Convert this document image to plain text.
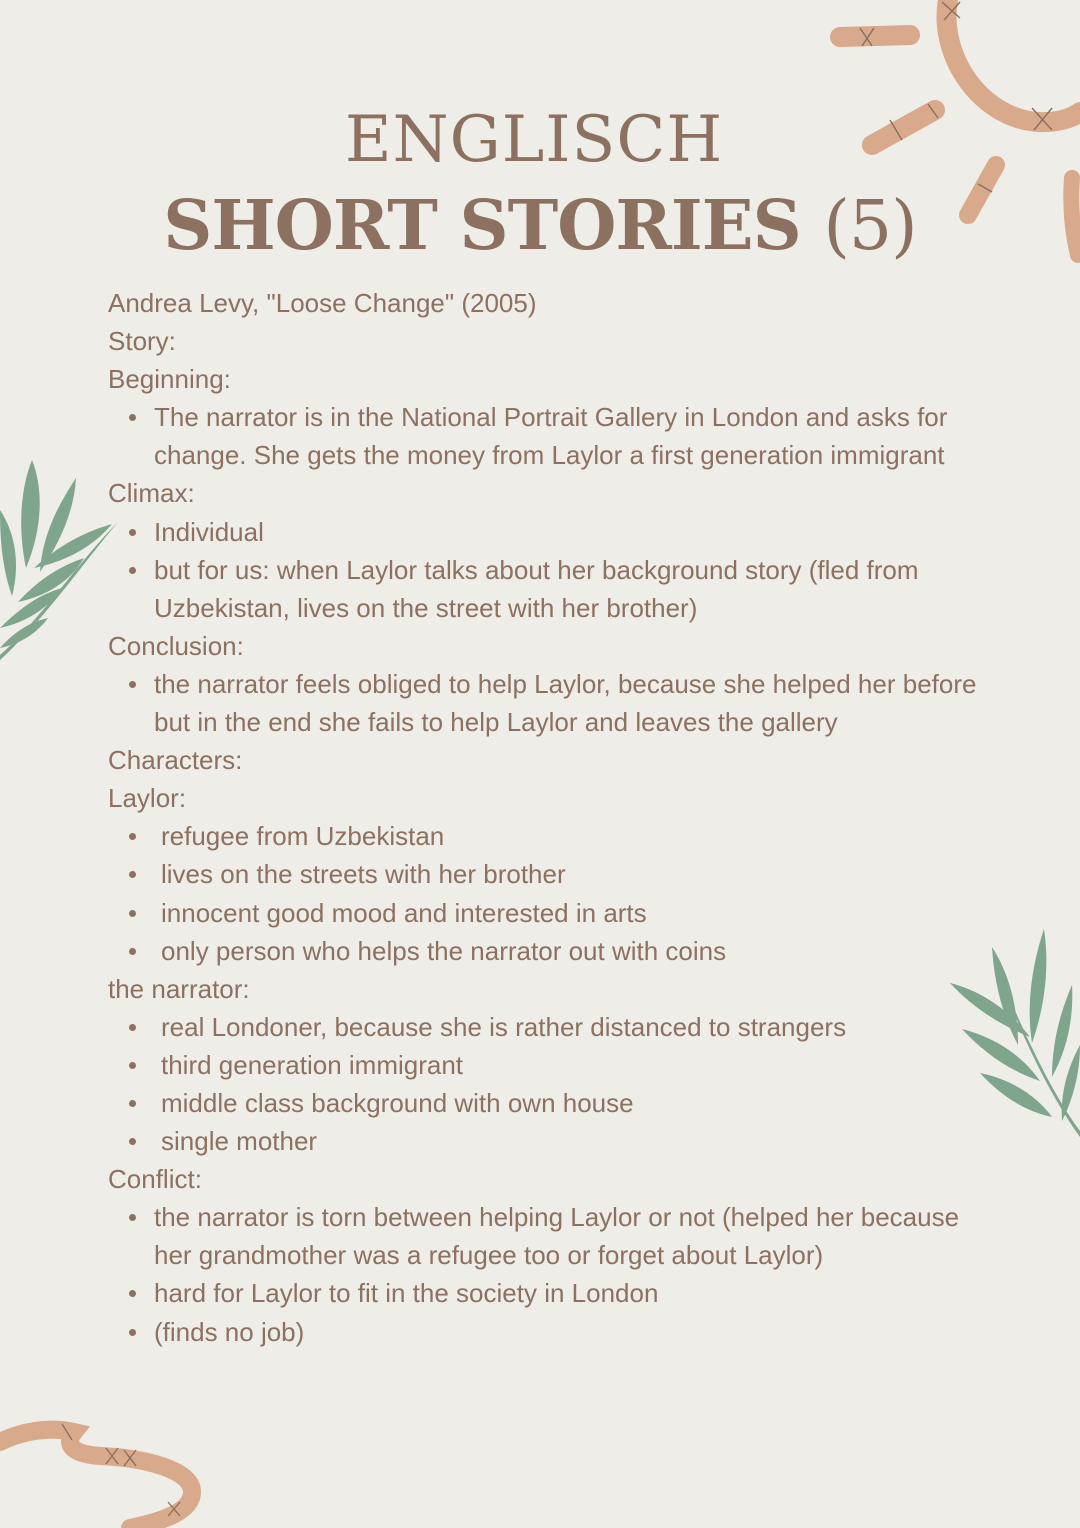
ENGLISCH
SHORT STORIES (5)
Andrea Levy, "Loose Change" (2005)
Story:
Beginning:
The narrator is in the National Portrait Gallery in London and asks for change. She gets the money from Laylor a first generation immigrant
Climax:
Individual
but for us: when Laylor talks about her background story (fled from Uzbekistan, lives on the street with her brother)
Conclusion:
the narrator feels obliged to help Laylor, because she helped her before but in the end she fails to help Laylor and leaves the gallery
Characters:
Laylor:
refugee from Uzbekistan
lives on the streets with her brother
innocent good mood and interested in arts
only person who helps the narrator out with coins
the narrator:
real Londoner, because she is rather distanced to strangers
third generation immigrant
middle class background with own house
single mother
Conflict:
the narrator is torn between helping Laylor or not (helped her because her grandmother was a refugee too or forget about Laylor)
hard for Laylor to fit in the society in London
(finds no job)
